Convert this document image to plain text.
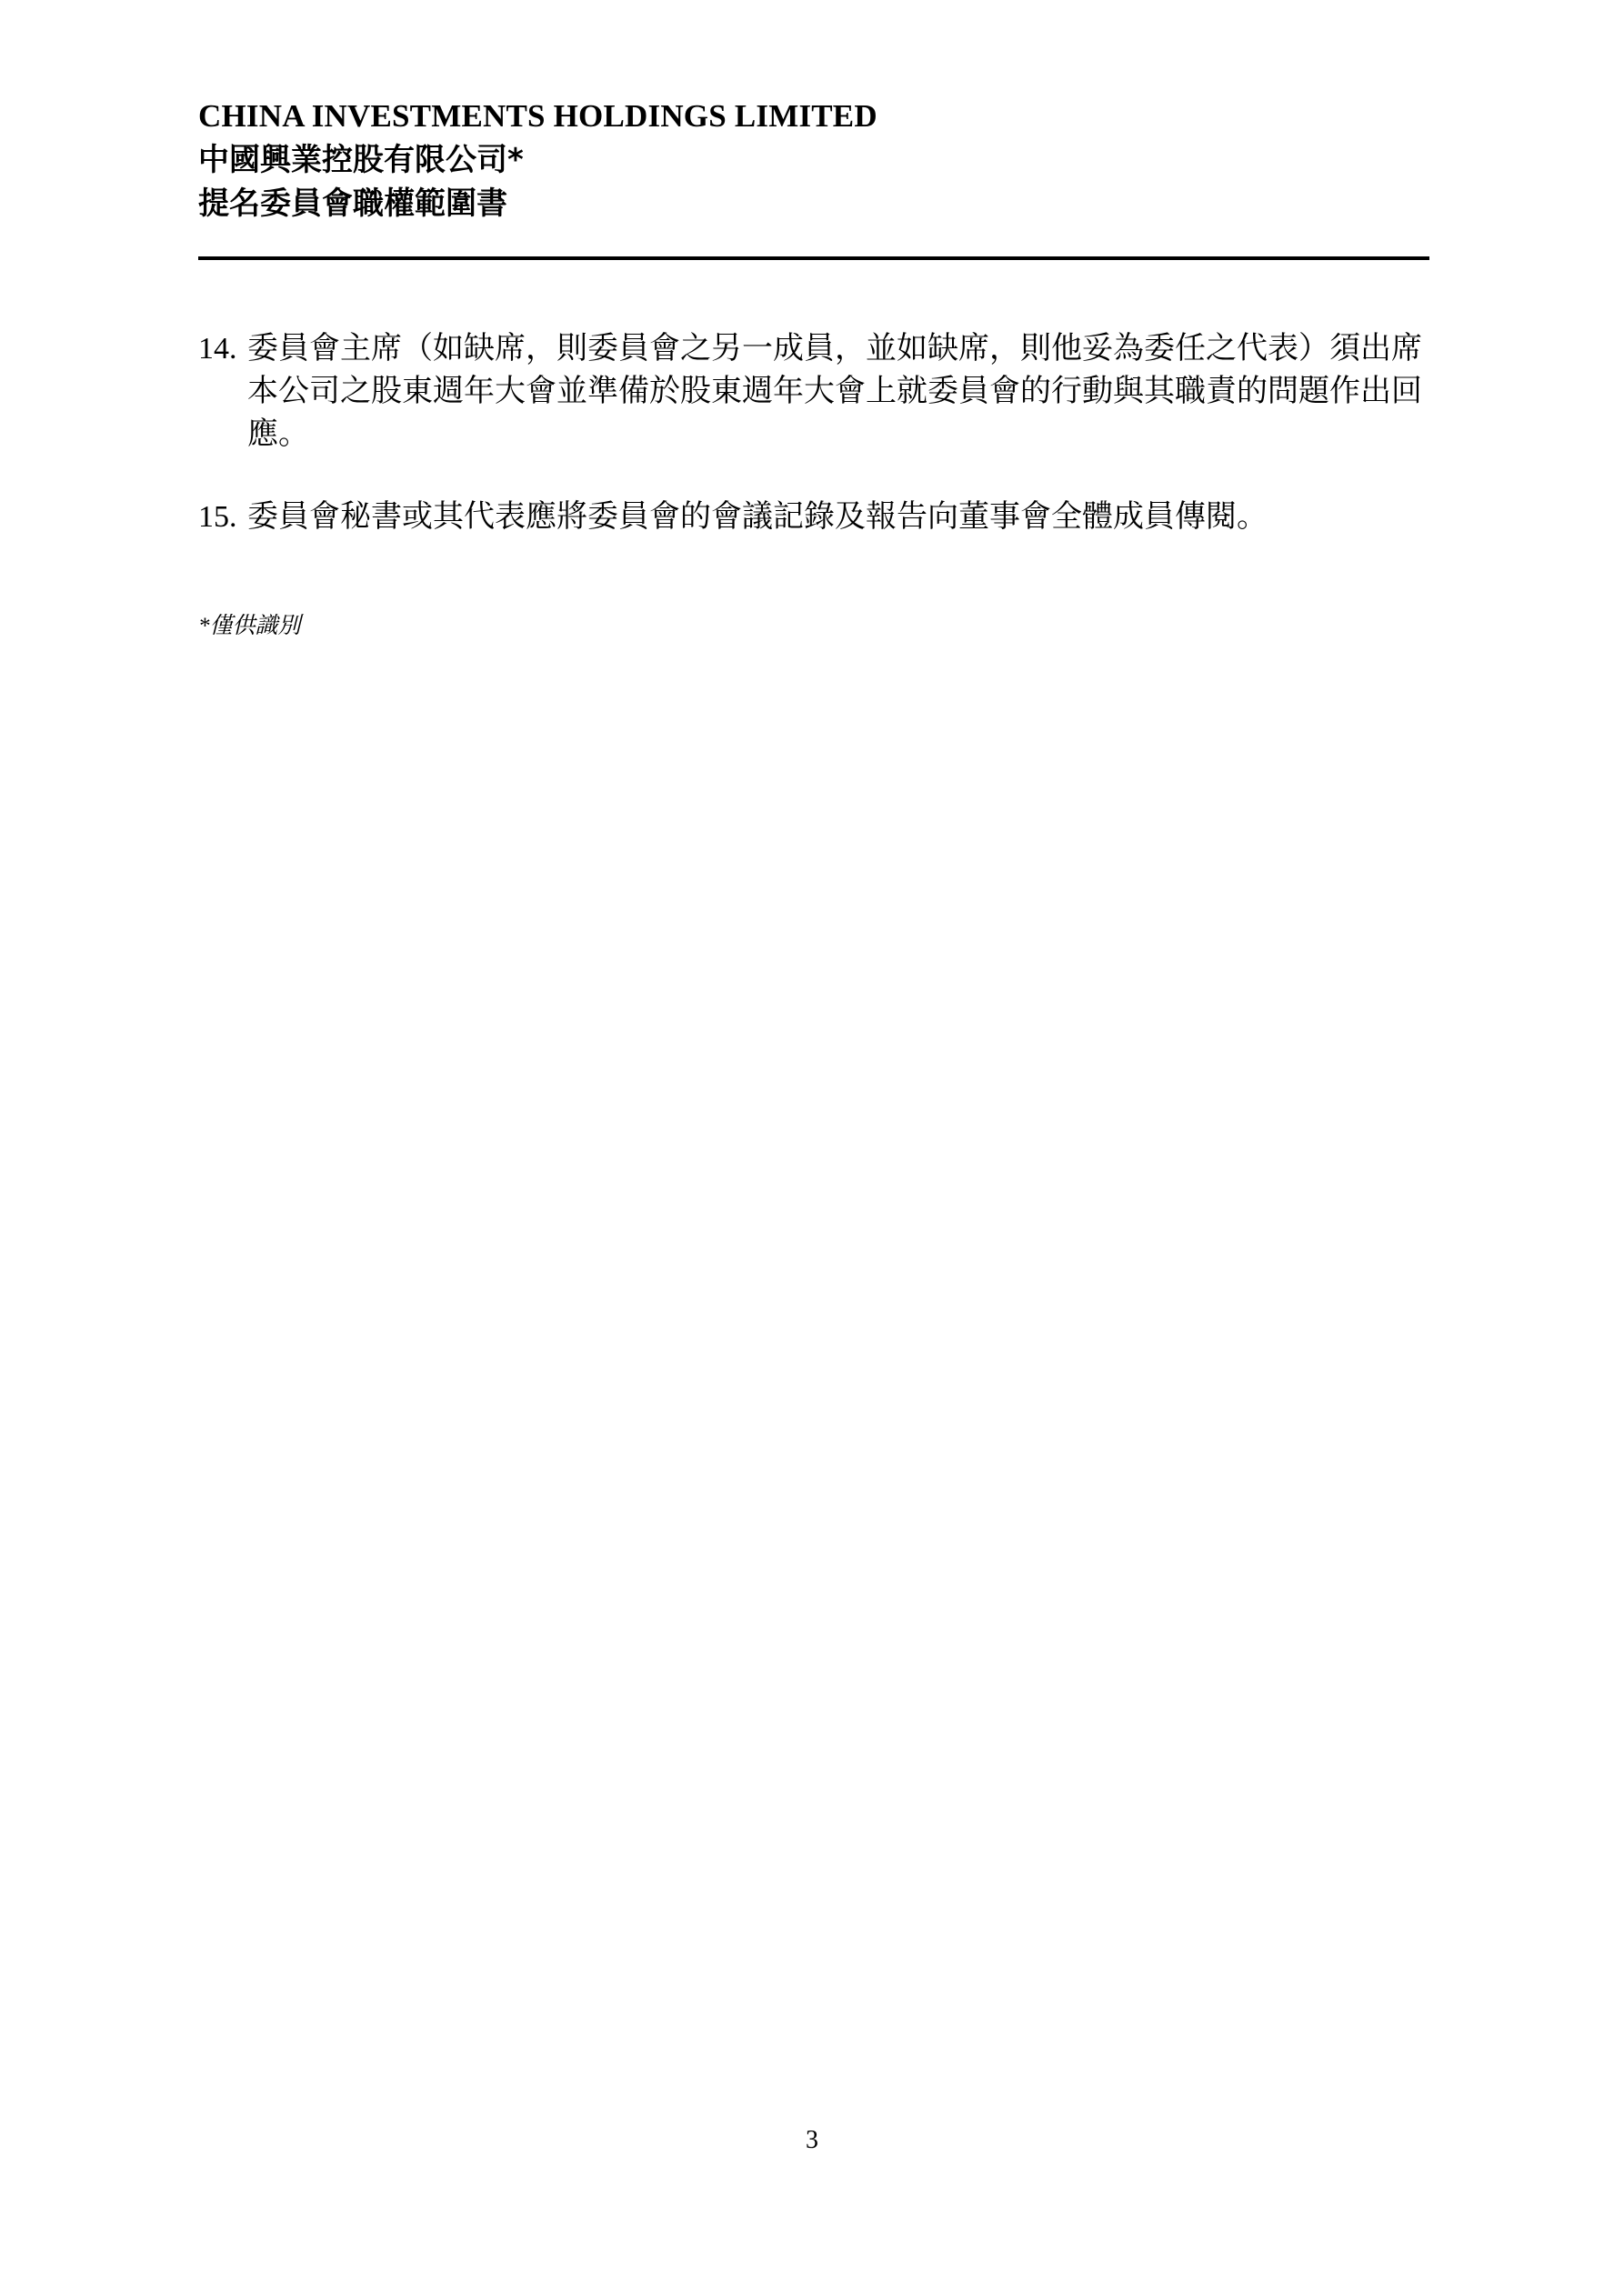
CHINA INVESTMENTS HOLDINGS LIMITED

中國興業控股有限公司*

提名委員會職權範圍書

14. 委員會主席（如缺席，則委員會之另一成員，並如缺席，則他妥為委任之代表）須出席本公司之股東週年大會並準備於股東週年大會上就委員會的行動與其職責的問題作出回應。
15. 委員會秘書或其代表應將委員會的會議記錄及報告向董事會全體成員傳閱。
*僅供識別
3
